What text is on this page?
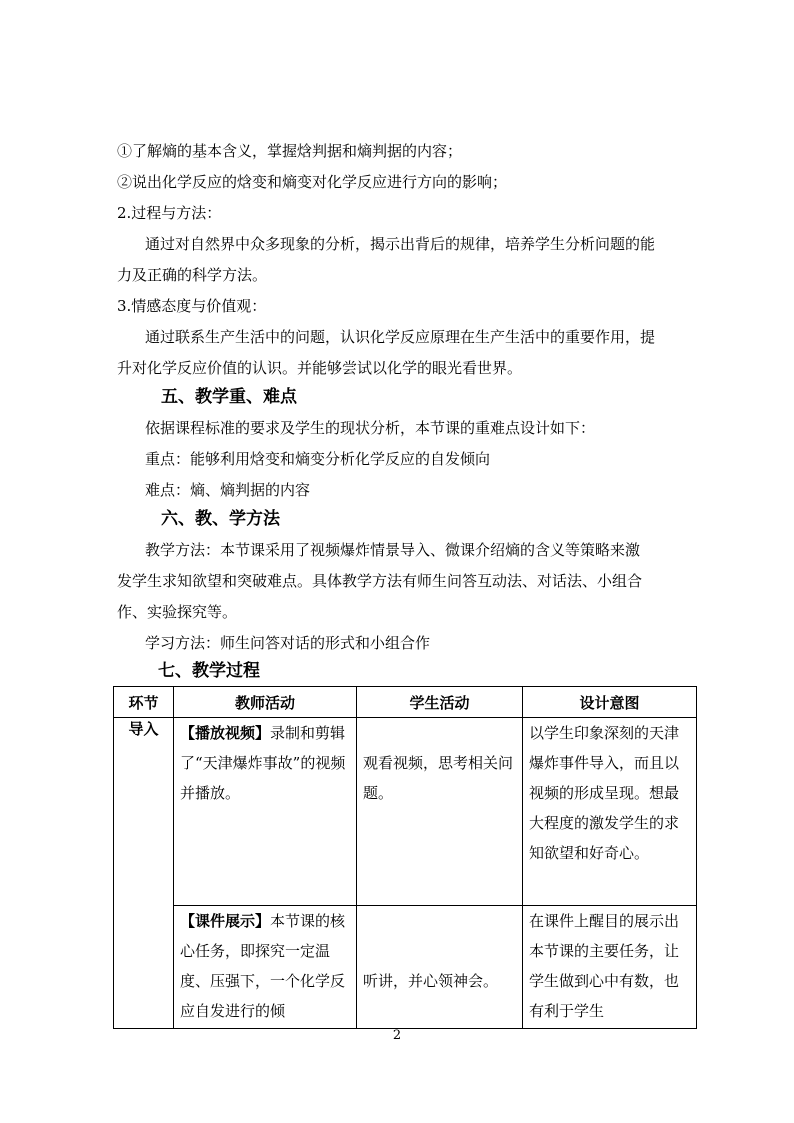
①了解熵的基本含义，掌握焓判据和熵判据的内容；
②说出化学反应的焓变和熵变对化学反应进行方向的影响；
2.过程与方法：
通过对自然界中众多现象的分析，揭示出背后的规律，培养学生分析问题的能
力及正确的科学方法。
3.情感态度与价值观：
通过联系生产生活中的问题，认识化学反应原理在生产生活中的重要作用，提
升对化学反应价值的认识。并能够尝试以化学的眼光看世界。
五、教学重、难点
依据课程标准的要求及学生的现状分析，本节课的重难点设计如下：
重点：能够利用焓变和熵变分析化学反应的自发倾向
难点：熵、熵判据的内容
六、教、学方法
教学方法：本节课采用了视频爆炸情景导入、微课介绍熵的含义等策略来激
发学生求知欲望和突破难点。具体教学方法有师生问答互动法、对话法、小组合
作、实验探究等。
学习方法：师生问答对话的形式和小组合作
七、教学过程
环节	教师活动	学生活动	设计意图
导入	【播放视频】录制和剪辑了“天津爆炸事故”的视频并播放。	观看视频，思考相关问题。	以学生印象深刻的天津爆炸事件导入，而且以视频的形成呈现。想最大程度的激发学生的求知欲望和好奇心。

	【课件展示】本节课的核心任务，即探究一定温度、压强下，一个化学反应自发进行的倾	听讲，并心领神会。	在课件上醒目的展示出本节课的主要任务，让学生做到心中有数，也有利于学生
2
